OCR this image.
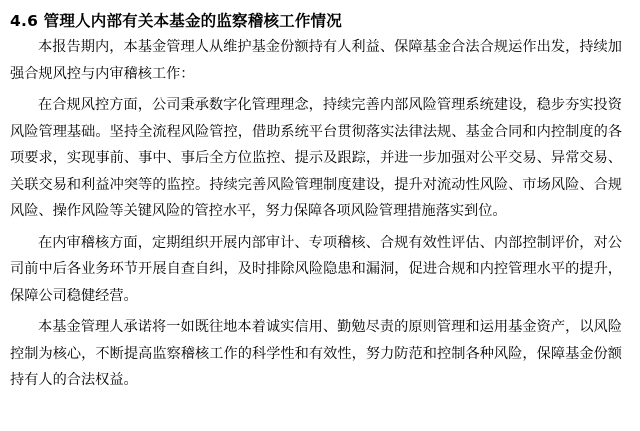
4.6 管理人内部有关本基金的监察稽核工作情况

本报告期内，本基金管理人从维护基金份额持有人利益、保障基金合法合规运作出发，持续加强合规风控与内审稽核工作：

在合规风控方面，公司秉承数字化管理理念，持续完善内部风险管理系统建设，稳步夯实投资风险管理基础。坚持全流程风险管控，借助系统平台贯彻落实法律法规、基金合同和内控制度的各项要求，实现事前、事中、事后全方位监控、提示及跟踪，并进一步加强对公平交易、异常交易、关联交易和利益冲突等的监控。持续完善风险管理制度建设，提升对流动性风险、市场风险、合规风险、操作风险等关键风险的管控水平，努力保障各项风险管理措施落实到位。

在内审稽核方面，定期组织开展内部审计、专项稽核、合规有效性评估、内部控制评价，对公司前中后各业务环节开展自查自纠，及时排除风险隐患和漏洞，促进合规和内控管理水平的提升，保障公司稳健经营。

本基金管理人承诺将一如既往地本着诚实信用、勤勉尽责的原则管理和运用基金资产，以风险控制为核心，不断提高监察稽核工作的科学性和有效性，努力防范和控制各种风险，保障基金份额持有人的合法权益。
